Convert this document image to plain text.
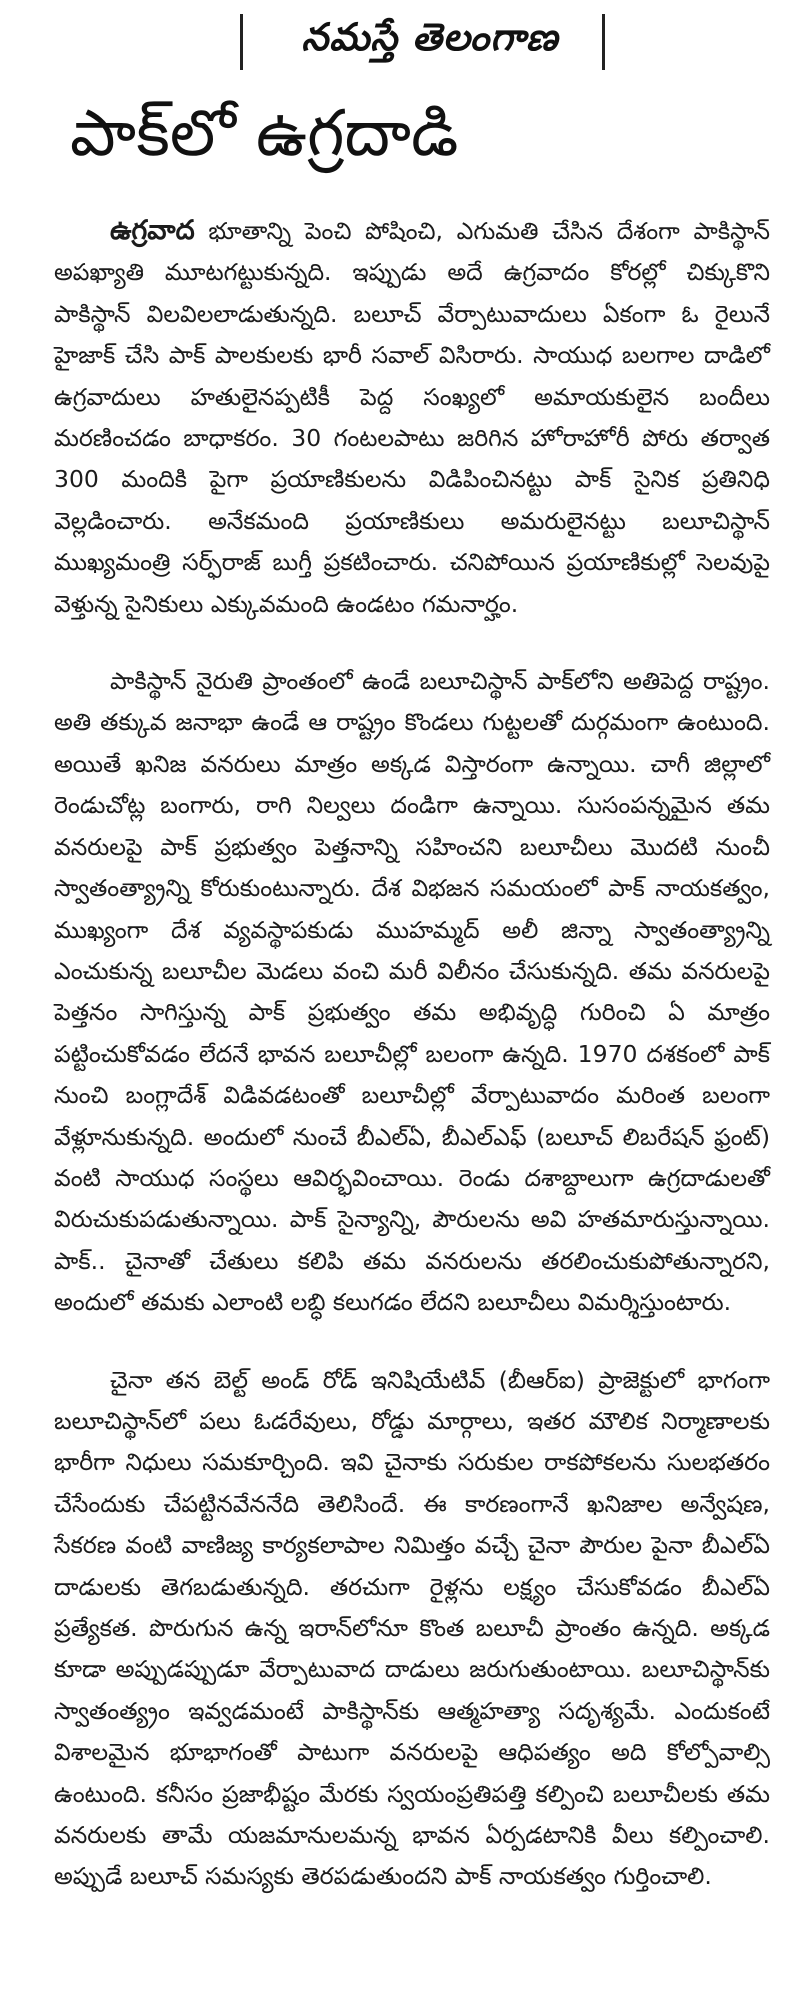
నమస్తే తెలంగాణ
పాక్‌లో ఉగ్రదాడి

ఉగ్రవాద భూతాన్ని పెంచి పోషించి, ఎగుమతి చేసిన దేశంగా పాకిస్థాన్ అపఖ్యాతి మూటగట్టుకున్నది. ఇప్పుడు అదే ఉగ్రవాదం కోరల్లో చిక్కుకొని పాకిస్థాన్ విలవిలలాడుతున్నది. బలూచ్ వేర్పాటువాదులు ఏకంగా ఓ రైలునే హైజాక్ చేసి పాక్ పాలకులకు భారీ సవాల్ విసిరారు. సాయుధ బలగాల దాడిలో ఉగ్రవాదులు హతులైనప్పటికీ పెద్ద సంఖ్యలో అమాయకులైన బందీలు మరణించడం బాధాకరం. 30 గంటలపాటు జరిగిన హోరాహోరీ పోరు తర్వాత 300 మందికి పైగా ప్రయాణికులను విడిపించినట్టు పాక్ సైనిక ప్రతినిధి వెల్లడించారు. అనేకమంది ప్రయాణికులు అమరులైనట్టు బలూచిస్థాన్ ముఖ్యమంత్రి సర్ఫ్‌రాజ్ బుగ్తీ ప్రకటించారు. చనిపోయిన ప్రయాణికుల్లో సెలవుపై వెళ్తున్న సైనికులు ఎక్కువమంది ఉండటం గమనార్హం.

పాకిస్థాన్ నైరుతి ప్రాంతంలో ఉండే బలూచిస్థాన్ పాక్‌లోని అతిపెద్ద రాష్ట్రం. అతి తక్కువ జనాభా ఉండే ఆ రాష్ట్రం కొండలు గుట్టలతో దుర్గమంగా ఉంటుంది. అయితే ఖనిజ వనరులు మాత్రం అక్కడ విస్తారంగా ఉన్నాయి. చాగీ జిల్లాలో రెండుచోట్ల బంగారు, రాగి నిల్వలు దండిగా ఉన్నాయి. సుసంపన్నమైన తమ వనరులపై పాక్ ప్రభుత్వం పెత్తనాన్ని సహించని బలూచీలు మొదటి నుంచీ స్వాతంత్య్రాన్ని కోరుకుంటున్నారు. దేశ విభజన సమయంలో పాక్ నాయకత్వం, ముఖ్యంగా దేశ వ్యవస్థాపకుడు ముహమ్మద్ అలీ జిన్నా స్వాతంత్య్రాన్ని ఎంచుకున్న బలూచీల మెడలు వంచి మరీ విలీనం చేసుకున్నది. తమ వనరులపై పెత్తనం సాగిస్తున్న పాక్ ప్రభుత్వం తమ అభివృద్ధి గురించి ఏ మాత్రం పట్టించుకోవడం లేదనే భావన బలూచీల్లో బలంగా ఉన్నది. 1970 దశకంలో పాక్ నుంచి బంగ్లాదేశ్ విడివడటంతో బలూచీల్లో వేర్పాటువాదం మరింత బలంగా వేళ్లూనుకున్నది. అందులో నుంచే బీఎల్ఏ, బీఎల్ఎఫ్ (బలూచ్ లిబరేషన్ ఫ్రంట్) వంటి సాయుధ సంస్థలు ఆవిర్భవించాయి. రెండు దశాబ్దాలుగా ఉగ్రదాడులతో విరుచుకుపడుతున్నాయి. పాక్ సైన్యాన్ని, పౌరులను అవి హతమారుస్తున్నాయి. పాక్.. చైనాతో చేతులు కలిపి తమ వనరులను తరలించుకుపోతున్నారని, అందులో తమకు ఎలాంటి లబ్ధి కలుగడం లేదని బలూచీలు విమర్శిస్తుంటారు.

చైనా తన బెల్ట్ అండ్ రోడ్ ఇనిషియేటివ్ (బీఆర్ఐ) ప్రాజెక్టులో భాగంగా బలూచిస్థాన్‌లో పలు ఓడరేవులు, రోడ్డు మార్గాలు, ఇతర మౌలిక నిర్మాణాలకు భారీగా నిధులు సమకూర్చింది. ఇవి చైనాకు సరుకుల రాకపోకలను సులభతరం చేసేందుకు చేపట్టినవేననేది తెలిసిందే. ఈ కారణంగానే ఖనిజాల అన్వేషణ, సేకరణ వంటి వాణిజ్య కార్యకలాపాల నిమిత్తం వచ్చే చైనా పౌరుల పైనా బీఎల్ఏ దాడులకు తెగబడుతున్నది. తరచుగా రైళ్లను లక్ష్యం చేసుకోవడం బీఎల్ఏ ప్రత్యేకత. పొరుగున ఉన్న ఇరాన్‌లోనూ కొంత బలూచీ ప్రాంతం ఉన్నది. అక్కడ కూడా అప్పుడప్పుడూ వేర్పాటువాద దాడులు జరుగుతుంటాయి. బలూచిస్థాన్‌కు స్వాతంత్య్రం ఇవ్వడమంటే పాకిస్థాన్‌కు ఆత్మహత్యా సదృశ్యమే. ఎందుకంటే విశాలమైన భూభాగంతో పాటుగా వనరులపై ఆధిపత్యం అది కోల్పోవాల్సి ఉంటుంది. కనీసం ప్రజాభీష్టం మేరకు స్వయంప్రతిపత్తి కల్పించి బలూచీలకు తమ వనరులకు తామే యజమానులమన్న భావన ఏర్పడటానికి వీలు కల్పించాలి. అప్పుడే బలూచ్ సమస్యకు తెరపడుతుందని పాక్ నాయకత్వం గుర్తించాలి.
